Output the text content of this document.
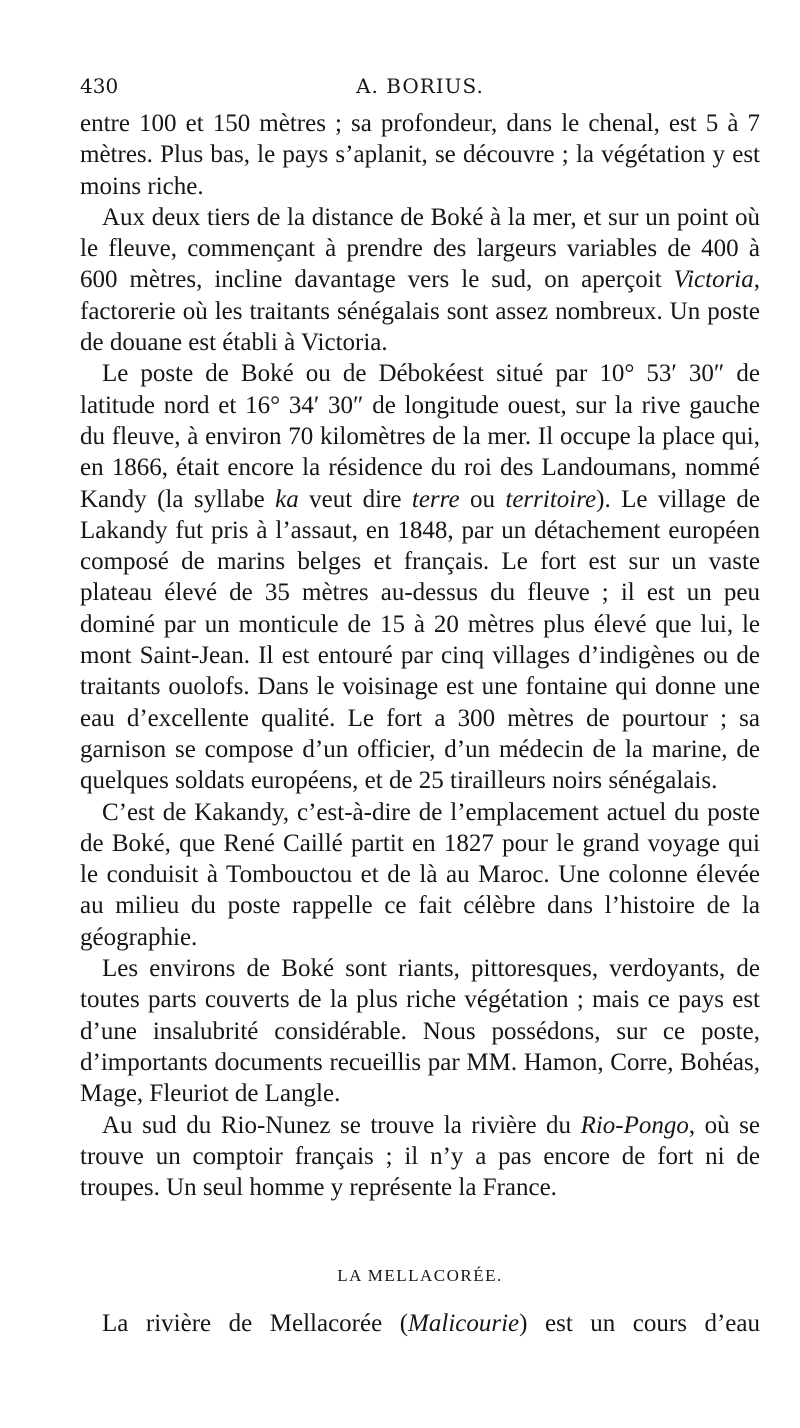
430	A. BORIUS.

entre 100 et 150 mètres ; sa profondeur, dans le chenal, est 5 à 7 mètres. Plus bas, le pays s’aplanit, se découvre ; la végétation y est moins riche.

Aux deux tiers de la distance de Boké à la mer, et sur un point où le fleuve, commençant à prendre des largeurs variables de 400 à 600 mètres, incline davantage vers le sud, on aperçoit Victoria, factorerie où les traitants sénégalais sont assez nombreux. Un poste de douane est établi à Victoria.

Le poste de Boké ou de Débokéest situé par 10° 53′ 30″ de latitude nord et 16° 34′ 30″ de longitude ouest, sur la rive gauche du fleuve, à environ 70 kilomètres de la mer. Il occupe la place qui, en 1866, était encore la résidence du roi des Landoumans, nommé Kandy (la syllabe ka veut dire terre ou territoire). Le village de Lakandy fut pris à l’assaut, en 1848, par un détachement européen composé de marins belges et français. Le fort est sur un vaste plateau élevé de 35 mètres au-dessus du fleuve ; il est un peu dominé par un monticule de 15 à 20 mètres plus élevé que lui, le mont Saint-Jean. Il est entouré par cinq villages d’indigènes ou de traitants ouolofs. Dans le voisinage est une fontaine qui donne une eau d’excellente qualité. Le fort a 300 mètres de pourtour ; sa garnison se compose d’un officier, d’un médecin de la marine, de quelques soldats européens, et de 25 tirailleurs noirs sénégalais.

C’est de Kakandy, c’est-à-dire de l’emplacement actuel du poste de Boké, que René Caillé partit en 1827 pour le grand voyage qui le conduisit à Tombouctou et de là au Maroc. Une colonne élevée au milieu du poste rappelle ce fait célèbre dans l’histoire de la géographie.

Les environs de Boké sont riants, pittoresques, verdoyants, de toutes parts couverts de la plus riche végétation ; mais ce pays est d’une insalubrité considérable. Nous possédons, sur ce poste, d’importants documents recueillis par MM. Hamon, Corre, Bohéas, Mage, Fleuriot de Langle.

Au sud du Rio-Nunez se trouve la rivière du Rio-Pongo, où se trouve un comptoir français ; il n’y a pas encore de fort ni de troupes. Un seul homme y représente la France.

LA MELLACORÉE.

La rivière de Mellacorée (Malicourie) est un cours d’eau
